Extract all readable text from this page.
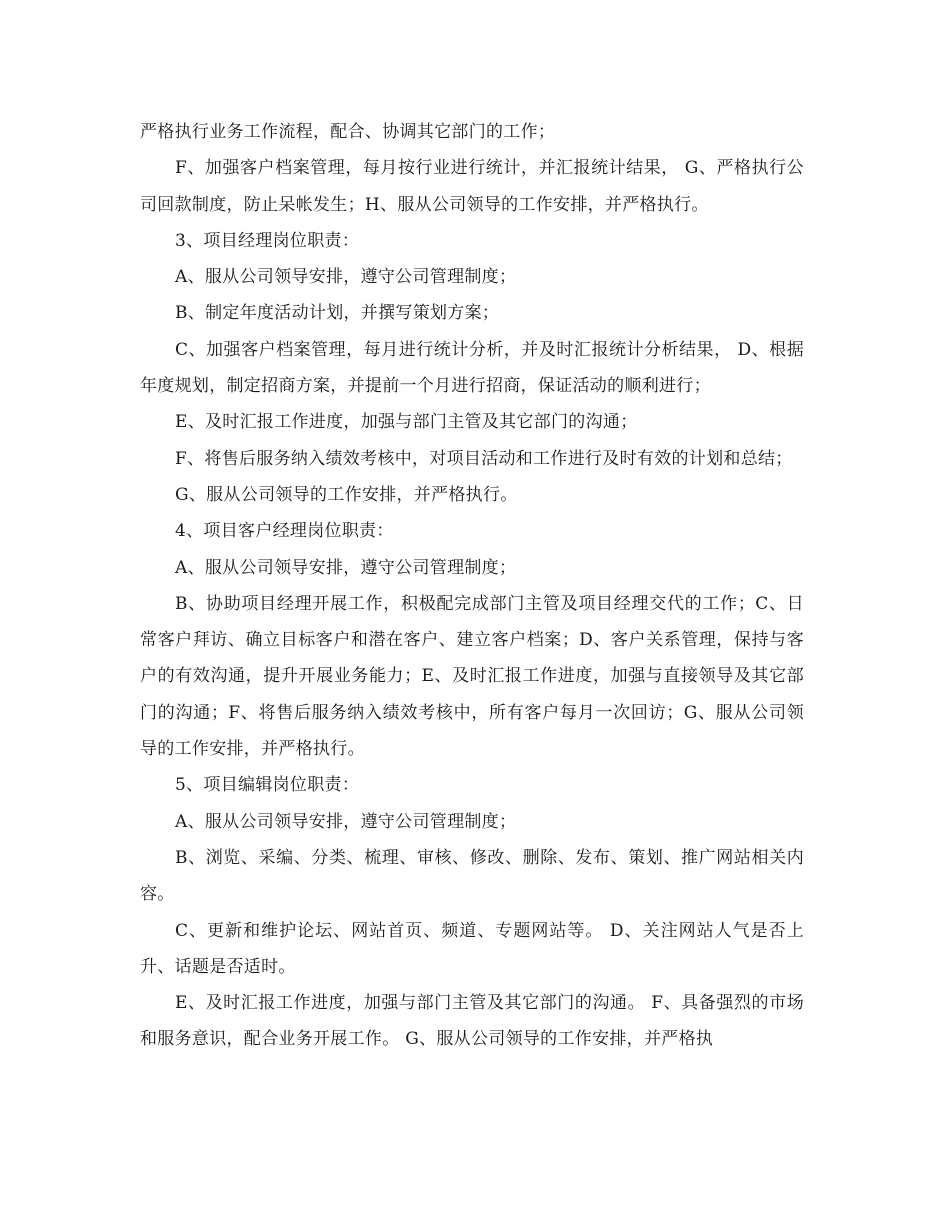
严格执行业务工作流程，配合、协调其它部门的工作；

F、加强客户档案管理，每月按行业进行统计，并汇报统计结果， G、严格执行公司回款制度，防止呆帐发生；H、服从公司领导的工作安排，并严格执行。

3、项目经理岗位职责：

A、服从公司领导安排，遵守公司管理制度；

B、制定年度活动计划，并撰写策划方案；

C、加强客户档案管理，每月进行统计分析，并及时汇报统计分析结果， D、根据年度规划，制定招商方案，并提前一个月进行招商，保证活动的顺利进行；

E、及时汇报工作进度，加强与部门主管及其它部门的沟通；

F、将售后服务纳入绩效考核中，对项目活动和工作进行及时有效的计划和总结；

G、服从公司领导的工作安排，并严格执行。

4、项目客户经理岗位职责：

A、服从公司领导安排，遵守公司管理制度；

B、协助项目经理开展工作，积极配完成部门主管及项目经理交代的工作；C、日常客户拜访、确立目标客户和潜在客户、建立客户档案；D、客户关系管理，保持与客户的有效沟通，提升开展业务能力；E、及时汇报工作进度，加强与直接领导及其它部门的沟通；F、将售后服务纳入绩效考核中，所有客户每月一次回访；G、服从公司领导的工作安排，并严格执行。

5、项目编辑岗位职责：

A、服从公司领导安排，遵守公司管理制度；

B、浏览、采编、分类、梳理、审核、修改、删除、发布、策划、推广网站相关内容。

C、更新和维护论坛、网站首页、频道、专题网站等。 D、关注网站人气是否上升、话题是否适时。

E、及时汇报工作进度，加强与部门主管及其它部门的沟通。 F、具备强烈的市场和服务意识，配合业务开展工作。 G、服从公司领导的工作安排，并严格执
